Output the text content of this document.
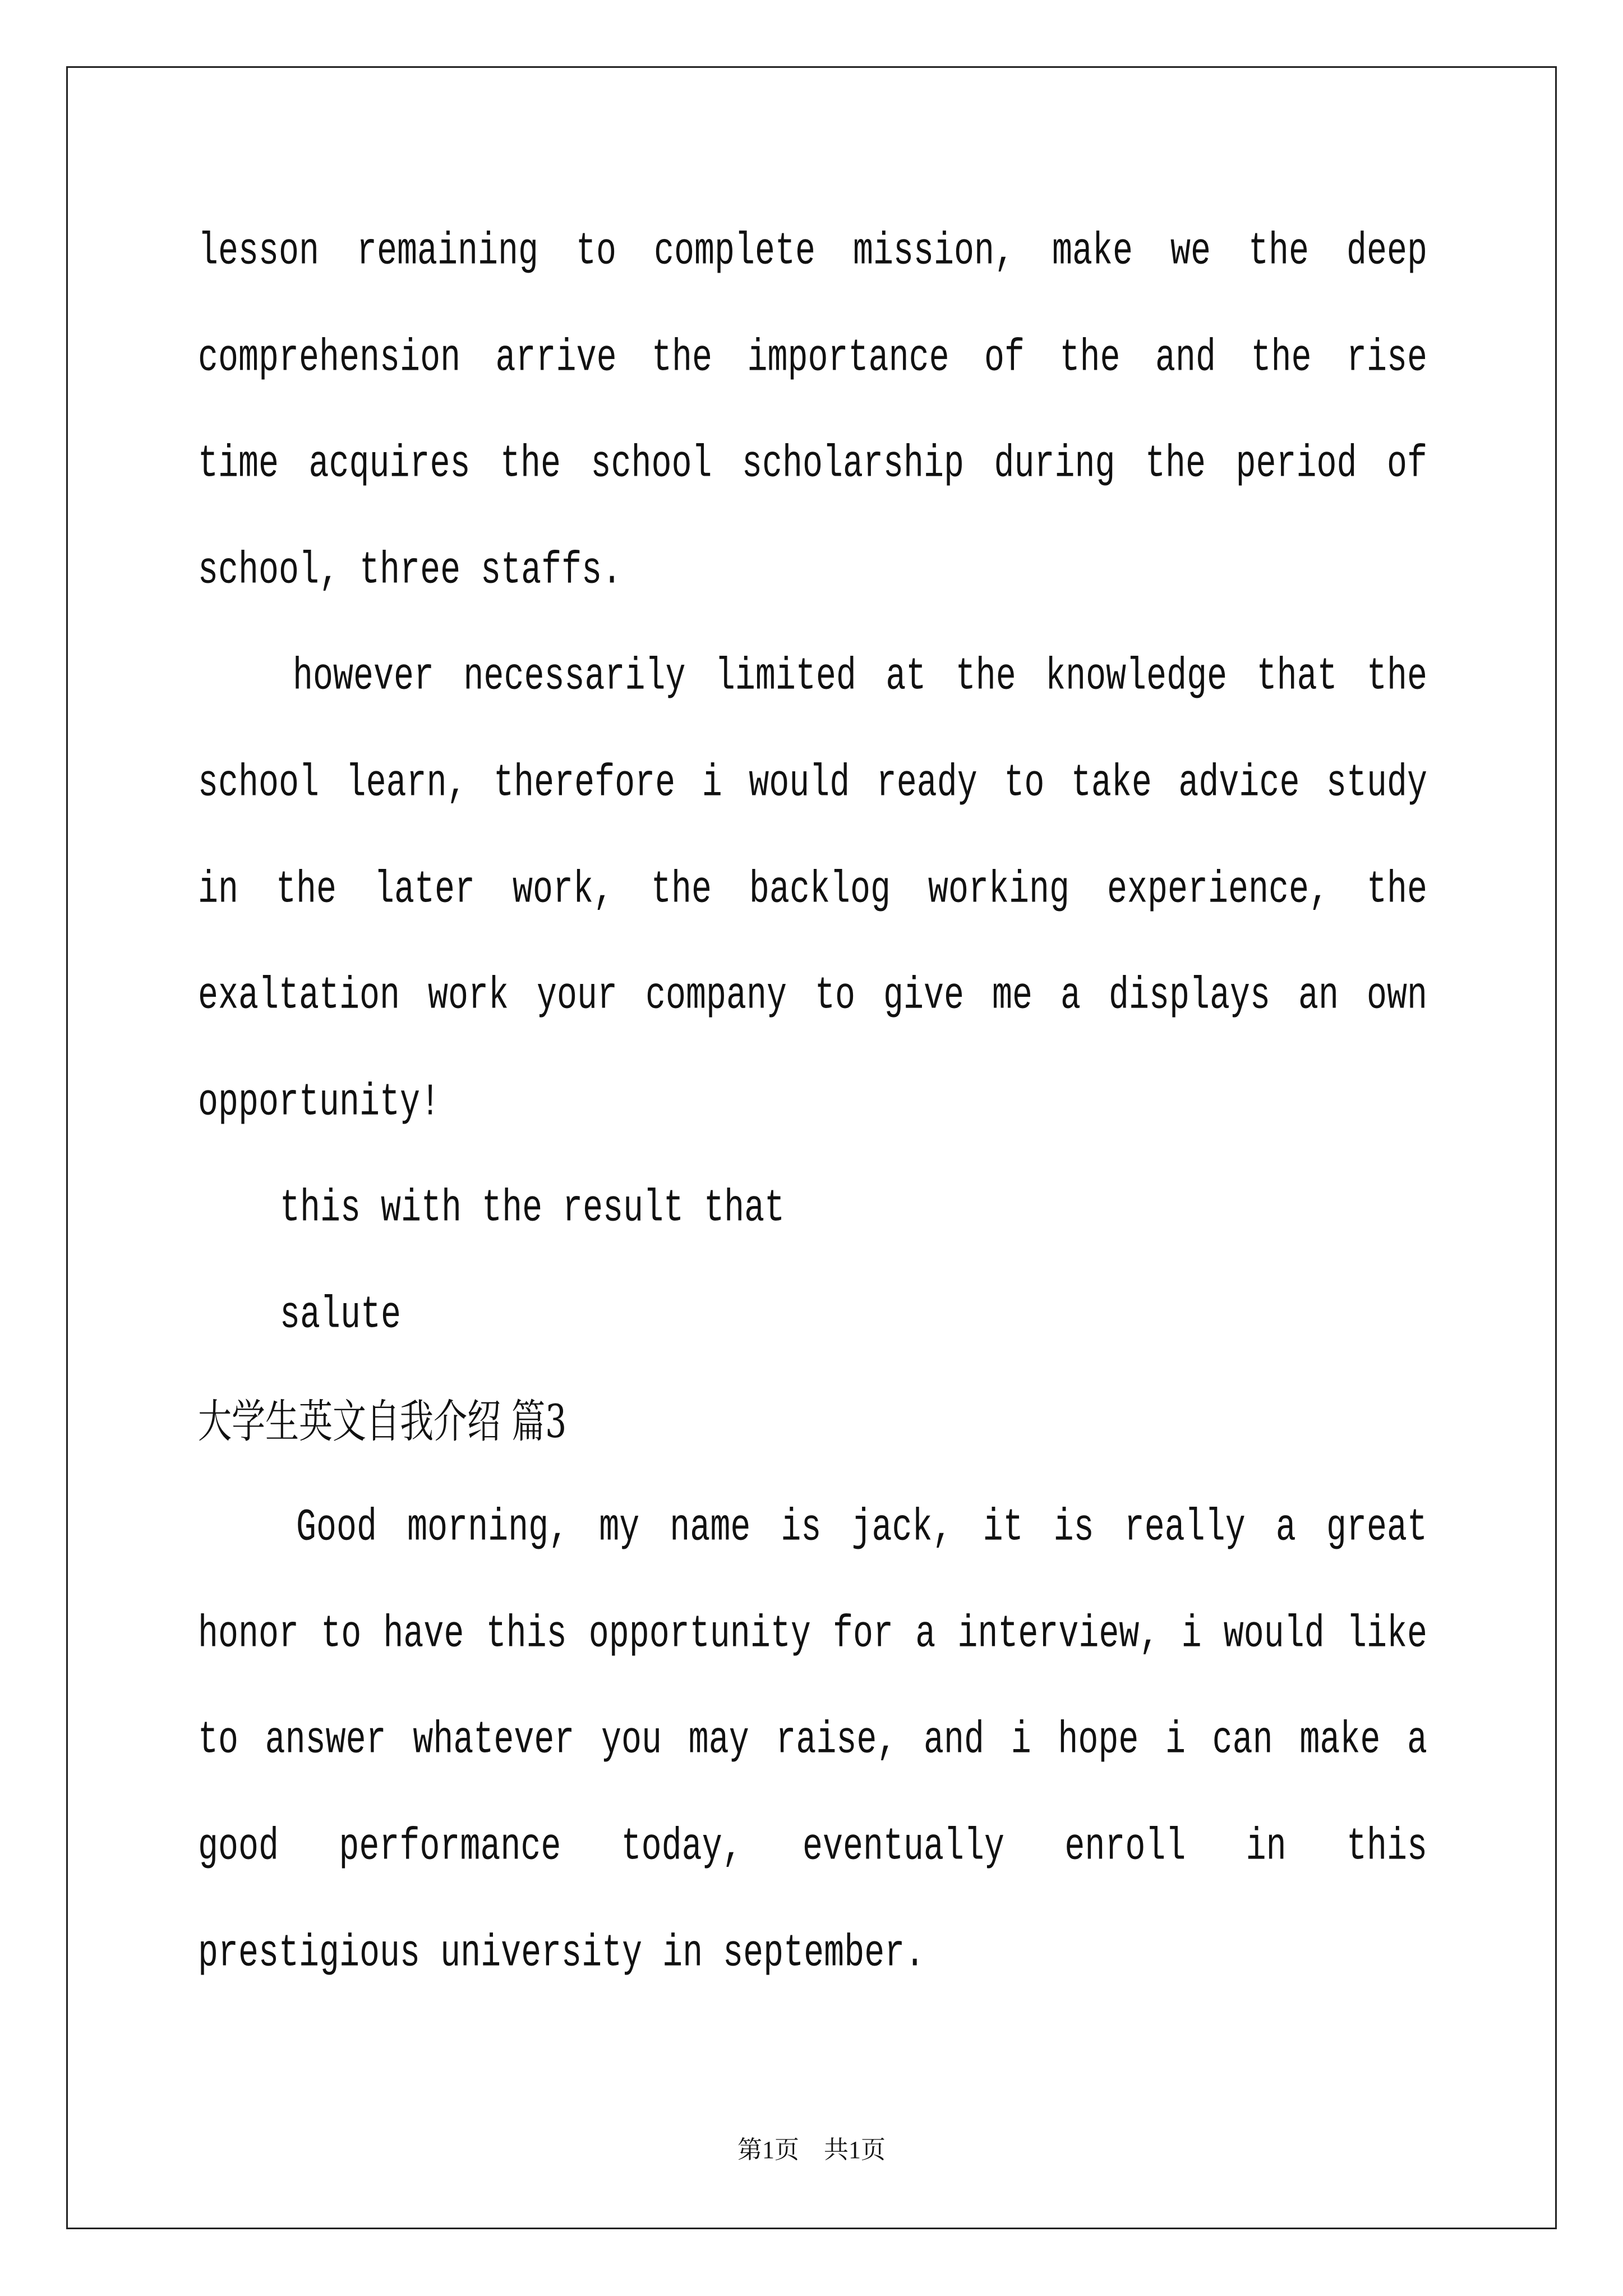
lesson remaining to complete mission, make we the deep
comprehension arrive the importance of the and the rise
time acquires the school scholarship during the period of
school, three staffs.
however necessarily limited at the knowledge that the
school learn, therefore i would ready to take advice study
in the later work, the backlog working experience, the
exaltation work your company to give me a displays an own
opportunity!
this with the result that
salute
大学生英文自我介绍 篇3
Good morning, my name is jack, it is really a great
honor to have this opportunity for a interview, i would like
to answer whatever you may raise, and i hope i can make a
good performance today, eventually enroll in this
prestigious university in september.
第1页　共1页
